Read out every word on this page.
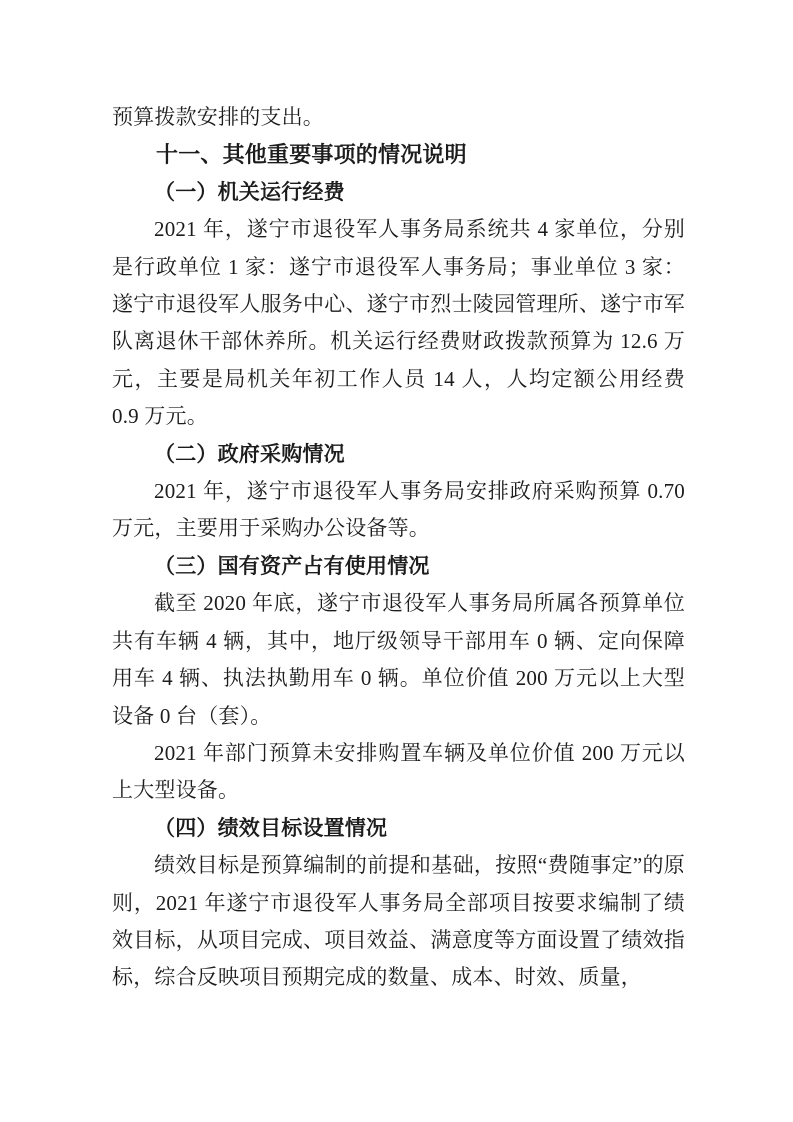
预算拨款安排的支出。

十一、其他重要事项的情况说明
（一）机关运行经费

2021 年，遂宁市退役军人事务局系统共 4 家单位，分别是行政单位 1 家：遂宁市退役军人事务局；事业单位 3 家：遂宁市退役军人服务中心、遂宁市烈士陵园管理所、遂宁市军队离退休干部休养所。机关运行经费财政拨款预算为 12.6 万元，主要是局机关年初工作人员 14 人，人均定额公用经费 0.9 万元。

（二）政府采购情况

2021 年，遂宁市退役军人事务局安排政府采购预算 0.70 万元，主要用于采购办公设备等。

（三）国有资产占有使用情况

截至 2020 年底，遂宁市退役军人事务局所属各预算单位共有车辆 4 辆，其中，地厅级领导干部用车 0 辆、定向保障用车 4 辆、执法执勤用车 0 辆。单位价值 200 万元以上大型设备 0 台（套）。

2021 年部门预算未安排购置车辆及单位价值 200 万元以上大型设备。

（四）绩效目标设置情况

绩效目标是预算编制的前提和基础，按照“费随事定”的原则，2021 年遂宁市退役军人事务局全部项目按要求编制了绩效目标，从项目完成、项目效益、满意度等方面设置了绩效指标，综合反映项目预期完成的数量、成本、时效、质量，
